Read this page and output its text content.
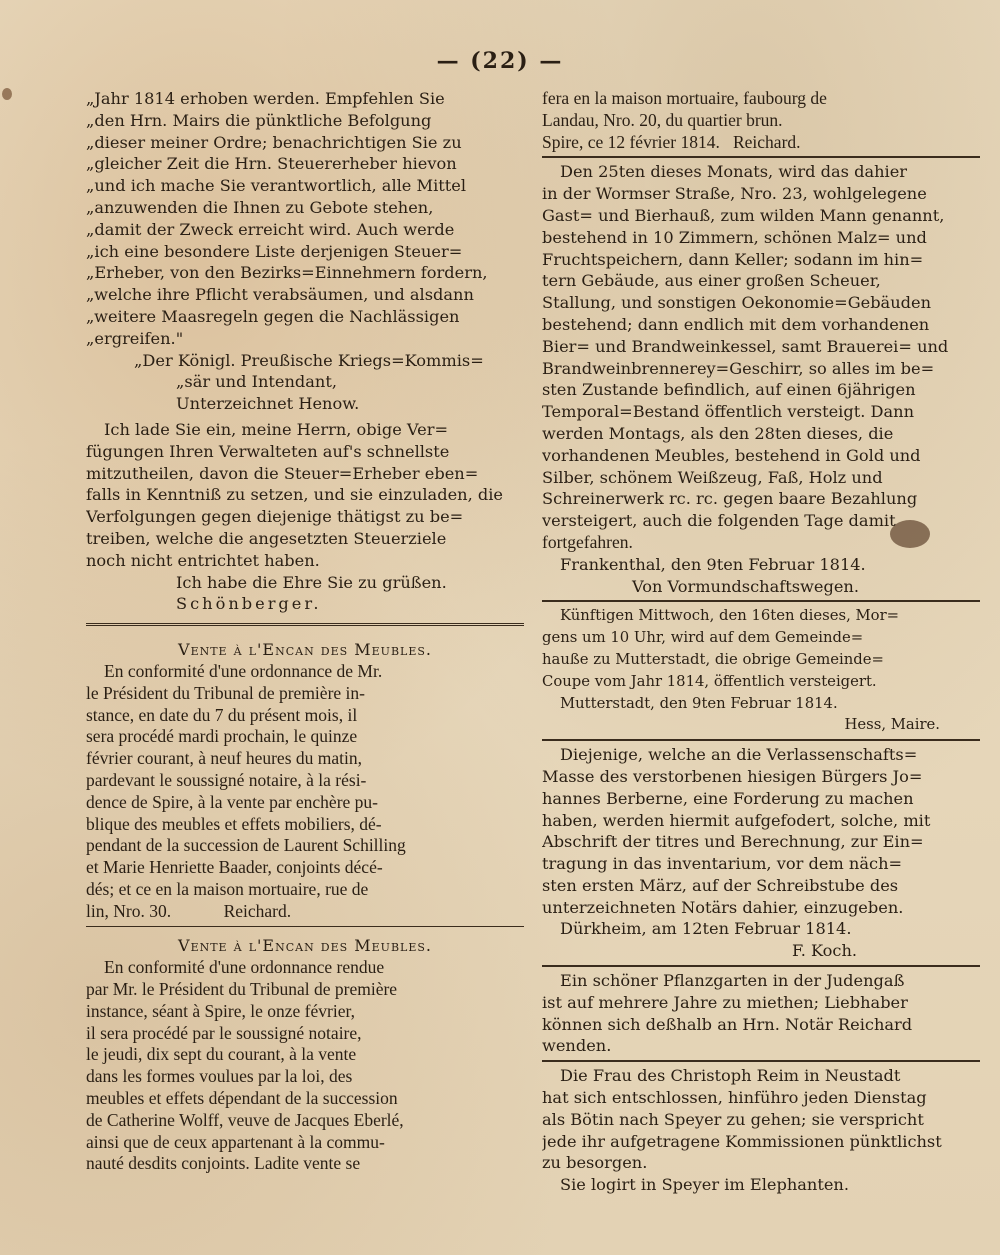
— (22) —
„Jahr 1814 erhoben werden. Empfehlen Sie
„den Hrn. Mairs die pünktliche Befolgung
„dieser meiner Ordre; benachrichtigen Sie zu
„gleicher Zeit die Hrn. Steuererheber hievon
„und ich mache Sie verantwortlich, alle Mittel
„anzuwenden die Ihnen zu Gebote stehen,
„damit der Zweck erreicht wird. Auch werde
„ich eine besondere Liste derjenigen Steuer=
„Erheber, von den Bezirks=Einnehmern fordern,
„welche ihre Pflicht verabsäumen, und alsdann
„weitere Maasregeln gegen die Nachlässigen
„ergreifen."
„Der Königl. Preußische Kriegs=Kommis=
„sär und Intendant,
Unterzeichnet Henow.
Ich lade Sie ein, meine Herrn, obige Ver=
fügungen Ihren Verwalteten auf's schnellste
mitzutheilen, davon die Steuer=Erheber eben=
falls in Kenntniß zu setzen, und sie einzuladen, die
Verfolgungen gegen diejenige thätigst zu be=
treiben, welche die angesetzten Steuerziele
noch nicht entrichtet haben.
Ich habe die Ehre Sie zu grüßen.
Schönberger.
Vente à l'Encan des Meubles.
En conformité d'une ordonnance de Mr.
le Président du Tribunal de première in-
stance, en date du 7 du présent mois, il
sera procédé mardi prochain, le quinze
février courant, à neuf heures du matin,
pardevant le soussigné notaire, à la rési-
dence de Spire, à la vente par enchère pu-
blique des meubles et effets mobiliers, dé-
pendant de la succession de Laurent Schilling
et Marie Henriette Baader, conjoints décé-
dés; et ce en la maison mortuaire, rue de
lin, Nro. 30.            Reichard.
Vente à l'Encan des Meubles.
En conformité d'une ordonnance rendue
par Mr. le Président du Tribunal de première
instance, séant à Spire, le onze février,
il sera procédé par le soussigné notaire,
le jeudi, dix sept du courant, à la vente
dans les formes voulues par la loi, des
meubles et effets dépendant de la succession
de Catherine Wolff, veuve de Jacques Eberlé,
ainsi que de ceux appartenant à la commu-
nauté desdits conjoints. Ladite vente se
fera en la maison mortuaire, faubourg de
Landau, Nro. 20, du quartier brun.
Spire, ce 12 février 1814.   Reichard.
Den 25ten dieses Monats, wird das dahier
in der Wormser Straße, Nro. 23, wohlgelegene
Gast= und Bierhauß, zum wilden Mann genannt,
bestehend in 10 Zimmern, schönen Malz= und
Fruchtspeichern, dann Keller; sodann im hin=
tern Gebäude, aus einer großen Scheuer,
Stallung, und sonstigen Oekonomie=Gebäuden
bestehend; dann endlich mit dem vorhandenen
Bier= und Brandweinkessel, samt Brauerei= und
Brandweinbrennerey=Geschirr, so alles im be=
sten Zustande befindlich, auf einen 6jährigen
Temporal=Bestand öffentlich versteigt. Dann
werden Montags, als den 28ten dieses, die
vorhandenen Meubles, bestehend in Gold und
Silber, schönem Weißzeug, Faß, Holz und
Schreinerwerk rc. rc. gegen baare Bezahlung
versteigert, auch die folgenden Tage damit
fortgefahren.
Frankenthal, den 9ten Februar 1814.
Von Vormundschaftswegen.
Künftigen Mittwoch, den 16ten dieses, Mor=
gens um 10 Uhr, wird auf dem Gemeinde=
hauße zu Mutterstadt, die obrige Gemeinde=
Coupe vom Jahr 1814, öffentlich versteigert.
Mutterstadt, den 9ten Februar 1814.
Hess, Maire.
Diejenige, welche an die Verlassenschafts=
Masse des verstorbenen hiesigen Bürgers Jo=
hannes Berberne, eine Forderung zu machen
haben, werden hiermit aufgefodert, solche, mit
Abschrift der titres und Berechnung, zur Ein=
tragung in das inventarium, vor dem näch=
sten ersten März, auf der Schreibstube des
unterzeichneten Notärs dahier, einzugeben.
Dürkheim, am 12ten Februar 1814.
F. Koch.
Ein schöner Pflanzgarten in der Judengaß
ist auf mehrere Jahre zu miethen; Liebhaber
können sich deßhalb an Hrn. Notär Reichard
wenden.
Die Frau des Christoph Reim in Neustadt
hat sich entschlossen, hinführo jeden Dienstag
als Bötin nach Speyer zu gehen; sie verspricht
jede ihr aufgetragene Kommissionen pünktlichst
zu besorgen.
Sie logirt in Speyer im Elephanten.
